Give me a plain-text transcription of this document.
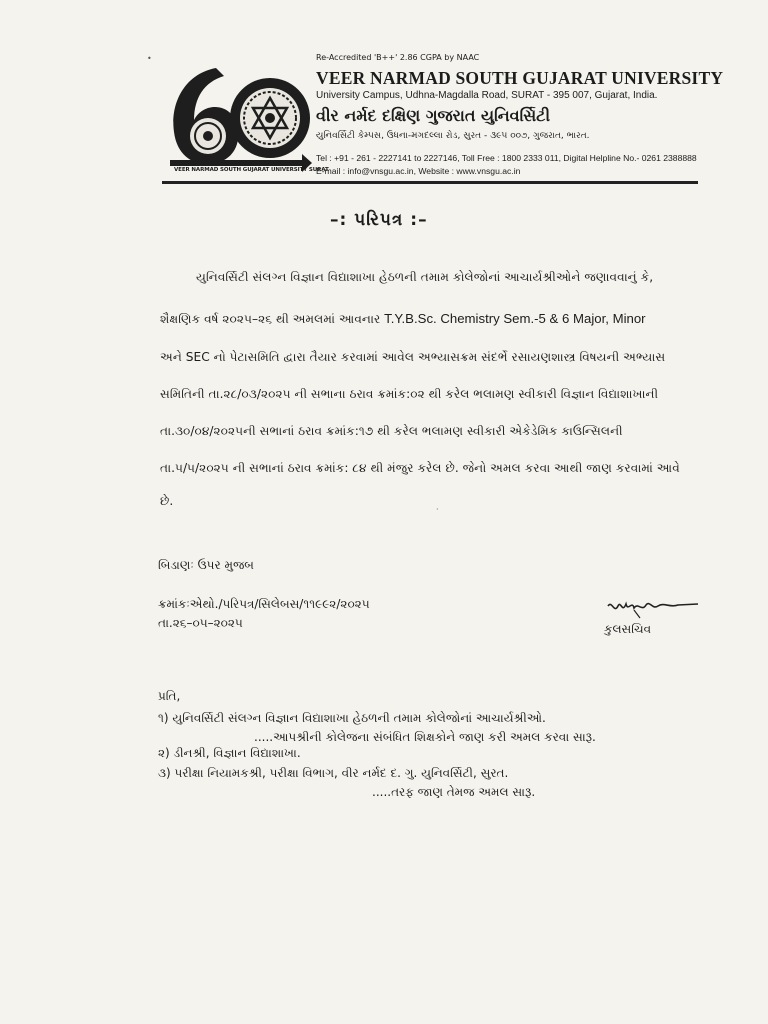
VEER NARMAD SOUTH GUJARAT UNIVERSITY SURAT
Re-Accredited 'B++' 2.86 CGPA by NAAC
VEER NARMAD SOUTH GUJARAT UNIVERSITY
University Campus, Udhna-Magdalla Road, SURAT - 395 007, Gujarat, India.
વીર નર્મદ દક્ષિણ ગુજરાત યુનિવર્સિટી
યુનિવર્સિટી કેમ્પસ, ઉધના-મગદલ્લા રોડ, સુરત - ૩૯૫ ૦૦૭, ગુજરાત, ભારત.
Tel : +91 - 261 - 2227141 to 2227146, Toll Free : 1800 2333 011, Digital Helpline No.- 0261 2388888
E-mail : info@vnsgu.ac.in, Website : www.vnsgu.ac.in
–: પરિપત્ર :–
યુનિવર્સિટી સંલગ્ન વિજ્ઞાન વિદ્યાશાખા હેઠળની તમામ કોલેજોનાં આચાર્યશ્રીઓને જણાવવાનું કે,
શૈક્ષણિક વર્ષ ૨૦૨૫–૨૬ થી અમલમાં આવનાર T.Y.B.Sc. Chemistry Sem.-5 & 6 Major, Minor
અને SEC નો પેટાસમિતિ દ્વારા તૈયાર કરવામાં આવેલ અભ્યાસક્રમ સંદર્ભે રસાયણશાસ્ત્ર વિષયની અભ્યાસ
સમિતિની તા.૨૮/૦૩/૨૦૨૫ ની સભાના ઠરાવ ક્રમાંક:૦૨ થી કરેલ ભલામણ સ્વીકારી વિજ્ઞાન વિદ્યાશાખાની
તા.૩૦/૦૪/૨૦૨૫ની સભાનાં ઠરાવ ક્રમાંક:૧૭ થી કરેલ ભલામણ સ્વીકારી એકેડેમિક કાઉન્સિલની
તા.૫/૫/૨૦૨૫ ની સભાનાં ઠરાવ ક્રમાંક: ૮૪ થી મંજુર કરેલ છે. જેનો અમલ કરવા આથી જાણ કરવામાં આવે
છે.
બિડાણઃ ઉપર મુજબ
ક્રમાંકઃએથો./પરિપત્ર/સિલેબસ/૧૧૯૯૨/૨૦૨૫
તા.૨૬–૦૫–૨૦૨૫	કુલસચિવ
પ્રતિ,
૧) યુનિવર્સિટી સંલગ્ન વિજ્ઞાન વિદ્યાશાખા હેઠળની તમામ કોલેજોનાં આચાર્યશ્રીઓ.
.....આપશ્રીની કોલેજના સંબંધિત શિક્ષકોને જાણ કરી અમલ કરવા સારૂ.
૨) ડીનશ્રી, વિજ્ઞાન વિદ્યાશાખા.
૩) પરીક્ષા નિયામકશ્રી, પરીક્ષા વિભાગ, વીર નર્મદ દ. ગુ. યુનિવર્સિટી, સુરત.
.....તરફ જાણ તેમજ અમલ સારૂ.
•
·
